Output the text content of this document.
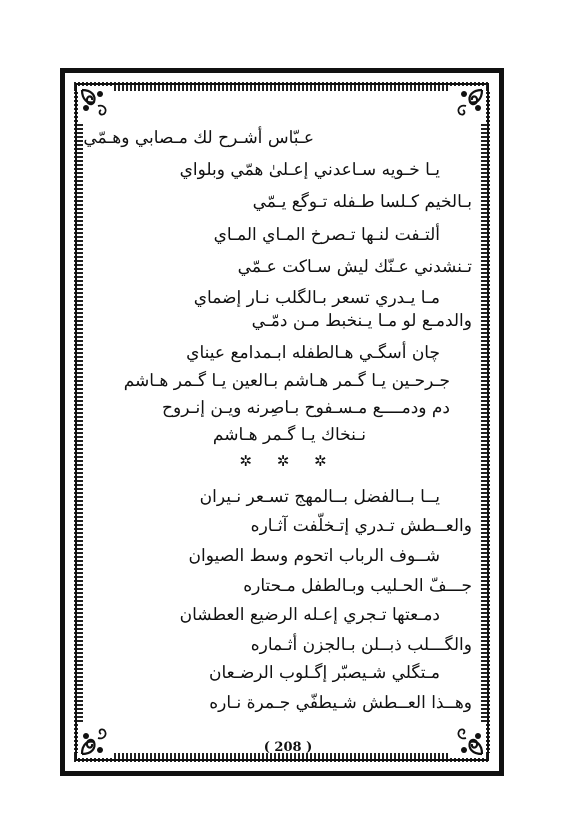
عـبّاس أشـرح لك مـصابي وهـمّي
يـا خـويه سـاعدني إعـلىٰ همّي وبلواي
بـالخيم كـلسا طـفله تـوگع يـمّي
ألتـفت لنـها تـصرخ المـاي المـاي
تـنشدني عـنّك ليش سـاكت عـمّي
مـا يـدري تسعر بـالگلب نـار إضماي
والدمـع لو مـا يـنخبط مـن دمّـي
چان أسگـي هـالطفله ابـمدامع عيناي
جـرحـين يـا گـمر هـاشم بـالعين يـا گـمر هـاشم
دم ودمــــع مـسـفوح بـاصِرنه ويـن إنـروح
نـنخاك يـا گـمر هـاشم
✲ ✲ ✲
يــا بــالفضل بــالمهج تسـعر نـيران
والعــطش تـدري إتـخلّفت آثـاره
شــوف الرباب اتحوم وسط الصيوان
جـــفّ الحـليب وبـالطفل مـحتاره
دمـعتها تـجري إعـله الرضيع العطشان
والگـــلب ذبــلن بـالجزن أثـماره
مـتگلي شـيصبّر إگـلوب الرضـعان
وهــذا العــطش شـيطفّي جـمرة نـاره
( 208 )
